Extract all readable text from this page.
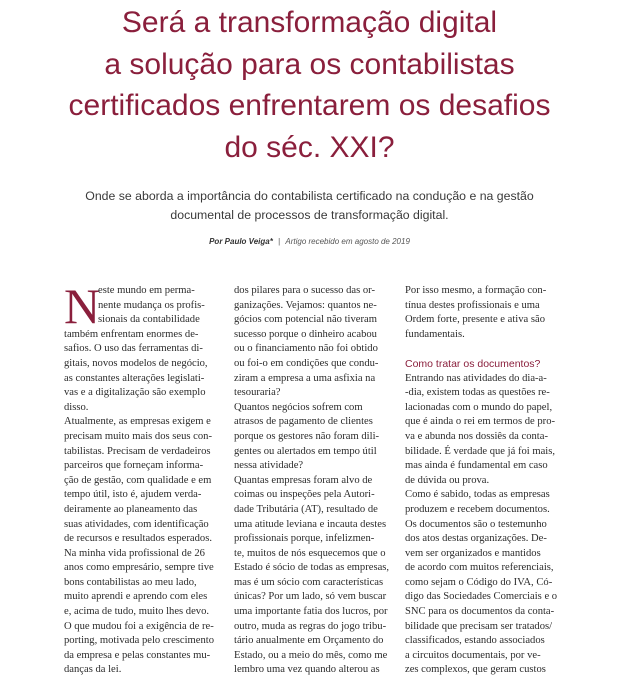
Será a transformação digital
a solução para os contabilistas
certificados enfrentarem os desafios
do séc. XXI?
Onde se aborda a importância do contabilista certificado na condução e na gestão
documental de processos de transformação digital.
Por Paulo Veiga* | Artigo recebido em agosto de 2019
N
este mundo em perma-
nente mudança os profis-
sionais da contabilidade
também enfrentam enormes de-
safios. O uso das ferramentas di-
gitais, novos modelos de negócio,
as constantes alterações legislati-
vas e a digitalização são exemplo
disso.
Atualmente, as empresas exigem e
precisam muito mais dos seus con-
tabilistas. Precisam de verdadeiros
parceiros que forneçam informa-
ção de gestão, com qualidade e em
tempo útil, isto é, ajudem verda-
deiramente ao planeamento das
suas atividades, com identificação
de recursos e resultados esperados.
Na minha vida profissional de 26
anos como empresário, sempre tive
bons contabilistas ao meu lado,
muito aprendi e aprendo com eles
e, acima de tudo, muito lhes devo.
O que mudou foi a exigência de re-
porting, motivada pelo crescimento
da empresa e pelas constantes mu-
danças da lei.
dos pilares para o sucesso das or-
ganizações. Vejamos: quantos ne-
gócios com potencial não tiveram
sucesso porque o dinheiro acabou
ou o financiamento não foi obtido
ou foi-o em condições que condu-
ziram a empresa a uma asfixia na
tesouraria?
Quantos negócios sofrem com
atrasos de pagamento de clientes
porque os gestores não foram dili-
gentes ou alertados em tempo útil
nessa atividade?
Quantas empresas foram alvo de
coimas ou inspeções pela Autori-
dade Tributária (AT), resultado de
uma atitude leviana e incauta destes
profissionais porque, infelizmen-
te, muitos de nós esquecemos que o
Estado é sócio de todas as empresas,
mas é um sócio com características
únicas? Por um lado, só vem buscar
uma importante fatia dos lucros, por
outro, muda as regras do jogo tribu-
tário anualmente em Orçamento do
Estado, ou a meio do mês, como me
lembro uma vez quando alterou as
Por isso mesmo, a formação con-
tínua destes profissionais e uma
Ordem forte, presente e ativa são
fundamentais.
Como tratar os documentos?
Entrando nas atividades do dia-a-
-dia, existem todas as questões re-
lacionadas com o mundo do papel,
que é ainda o rei em termos de pro-
va e abunda nos dossiês da conta-
bilidade. É verdade que já foi mais,
mas ainda é fundamental em caso
de dúvida ou prova.
Como é sabido, todas as empresas
produzem e recebem documentos.
Os documentos são o testemunho
dos atos destas organizações. De-
vem ser organizados e mantidos
de acordo com muitos referenciais,
como sejam o Código do IVA, Có-
digo das Sociedades Comerciais e o
SNC para os documentos da conta-
bilidade que precisam ser tratados/
classificados, estando associados
a circuitos documentais, por ve-
zes complexos, que geram custos
